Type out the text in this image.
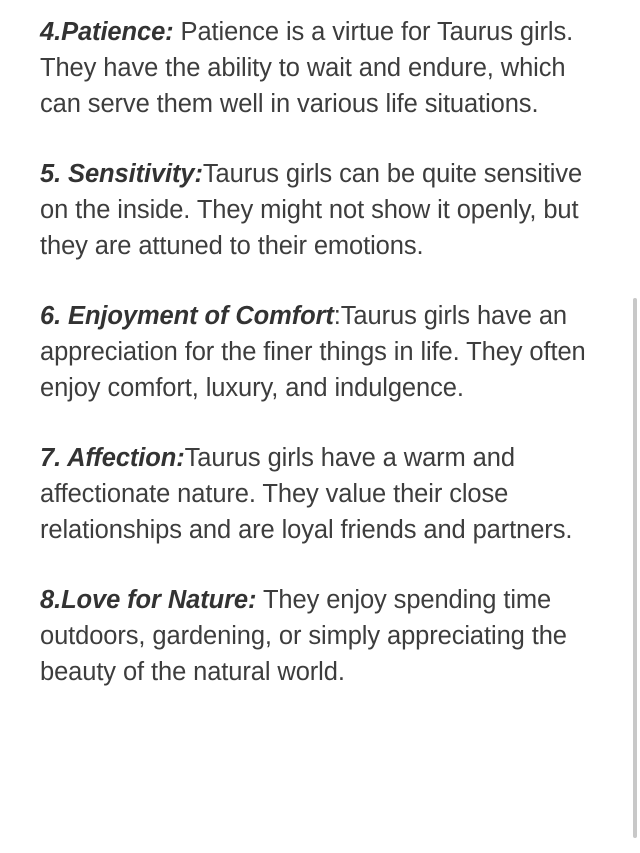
4.Patience: Patience is a virtue for Taurus girls. They have the ability to wait and endure, which can serve them well in various life situations.

5. Sensitivity:Taurus girls can be quite sensitive on the inside. They might not show it openly, but they are attuned to their emotions.

6. Enjoyment of Comfort:Taurus girls have an appreciation for the finer things in life. They often enjoy comfort, luxury, and indulgence.

7. Affection:Taurus girls have a warm and affectionate nature. They value their close relationships and are loyal friends and partners.

8.Love for Nature: They enjoy spending time outdoors, gardening, or simply appreciating the beauty of the natural world.
